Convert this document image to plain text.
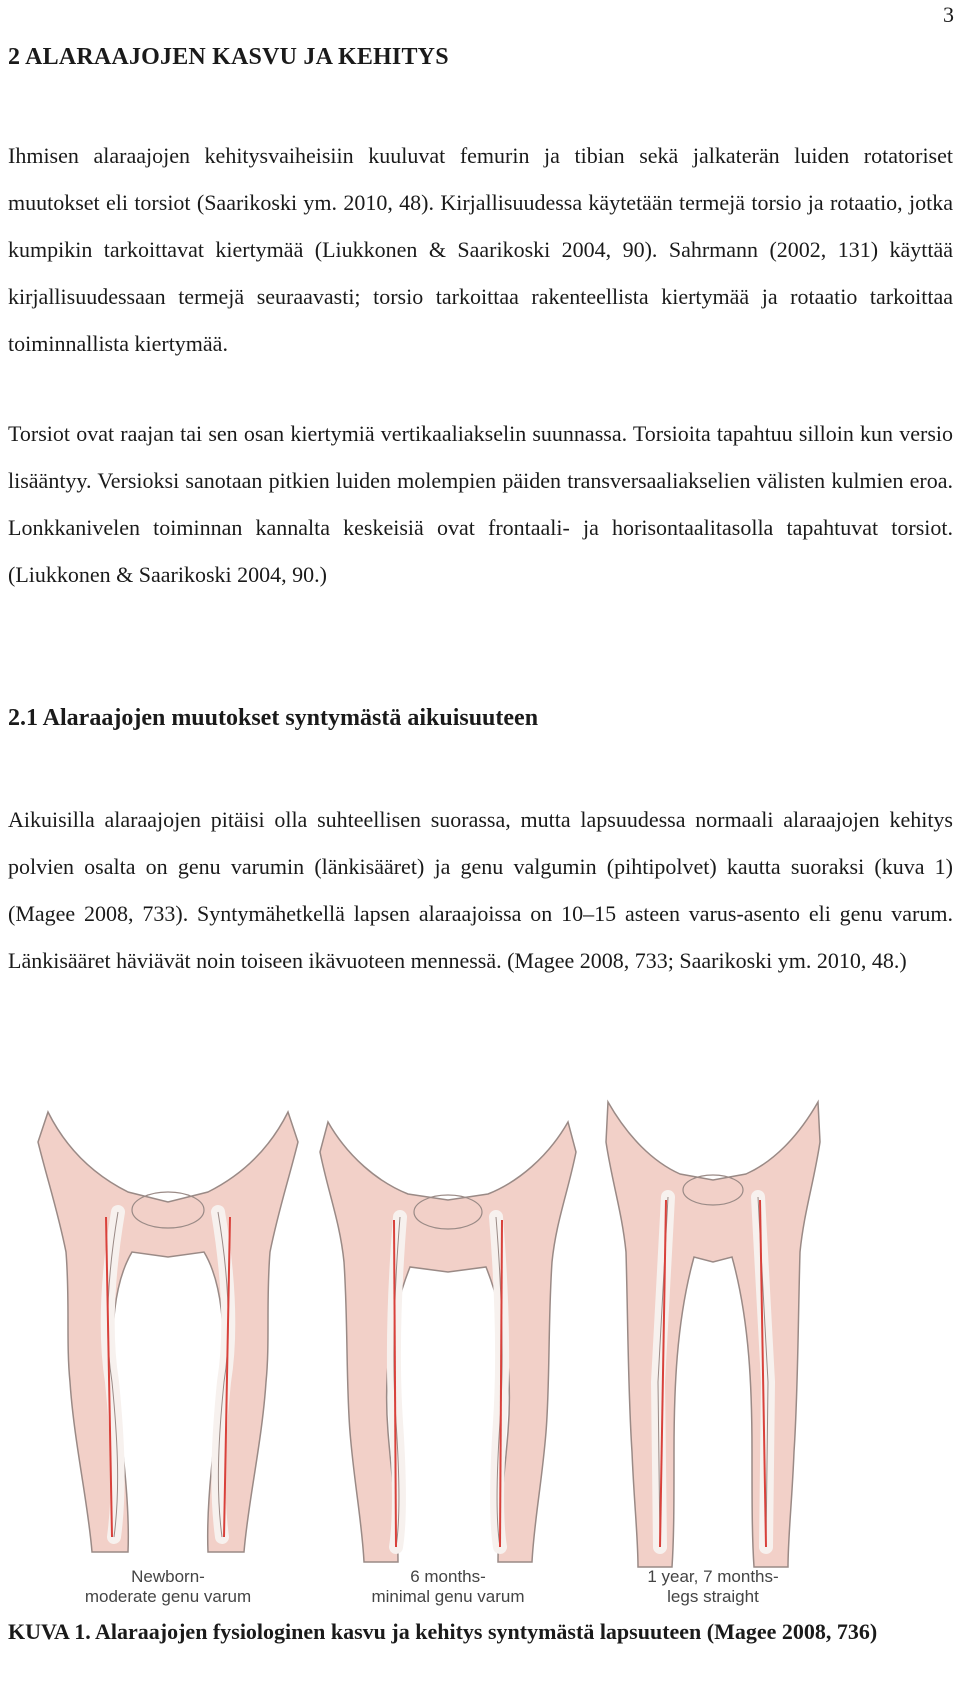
3
2 ALARAAJOJEN KASVU JA KEHITYS

Ihmisen alaraajojen kehitysvaiheisiin kuuluvat femurin ja tibian sekä jalkaterän luiden rotatoriset muutokset eli torsiot (Saarikoski ym. 2010, 48). Kirjallisuudessa käytetään termejä torsio ja rotaatio, jotka kumpikin tarkoittavat kiertymää (Liukkonen & Saarikoski 2004, 90). Sahrmann (2002, 131) käyttää kirjallisuudessaan termejä seuraavasti; torsio tarkoittaa rakenteellista kiertymää ja rotaatio tarkoittaa toiminnallista kiertymää.

Torsiot ovat raajan tai sen osan kiertymiä vertikaaliakselin suunnassa. Torsioita tapahtuu silloin kun versio lisääntyy. Versioksi sanotaan pitkien luiden molempien päiden transversaaliakselien välisten kulmien eroa. Lonkkanivelen toiminnan kannalta keskeisiä ovat frontaali- ja horisontaalitasolla tapahtuvat torsiot. (Liukkonen & Saarikoski 2004, 90.)

2.1 Alaraajojen muutokset syntymästä aikuisuuteen

Aikuisilla alaraajojen pitäisi olla suhteellisen suorassa, mutta lapsuudessa normaali alaraajojen kehitys polvien osalta on genu varumin (länkisääret) ja genu valgumin (pihtipolvet) kautta suoraksi (kuva 1) (Magee 2008, 733). Syntymähetkellä lapsen alaraajoissa on 10–15 asteen varus-asento eli genu varum. Länkisääret häviävät noin toiseen ikävuoteen mennessä. (Magee 2008, 733; Saarikoski ym. 2010, 48.)

Newborn-
moderate genu varum
6 months-
minimal genu varum
1 year, 7 months-
legs straight

KUVA 1. Alaraajojen fysiologinen kasvu ja kehitys syntymästä lapsuuteen (Magee 2008, 736)
